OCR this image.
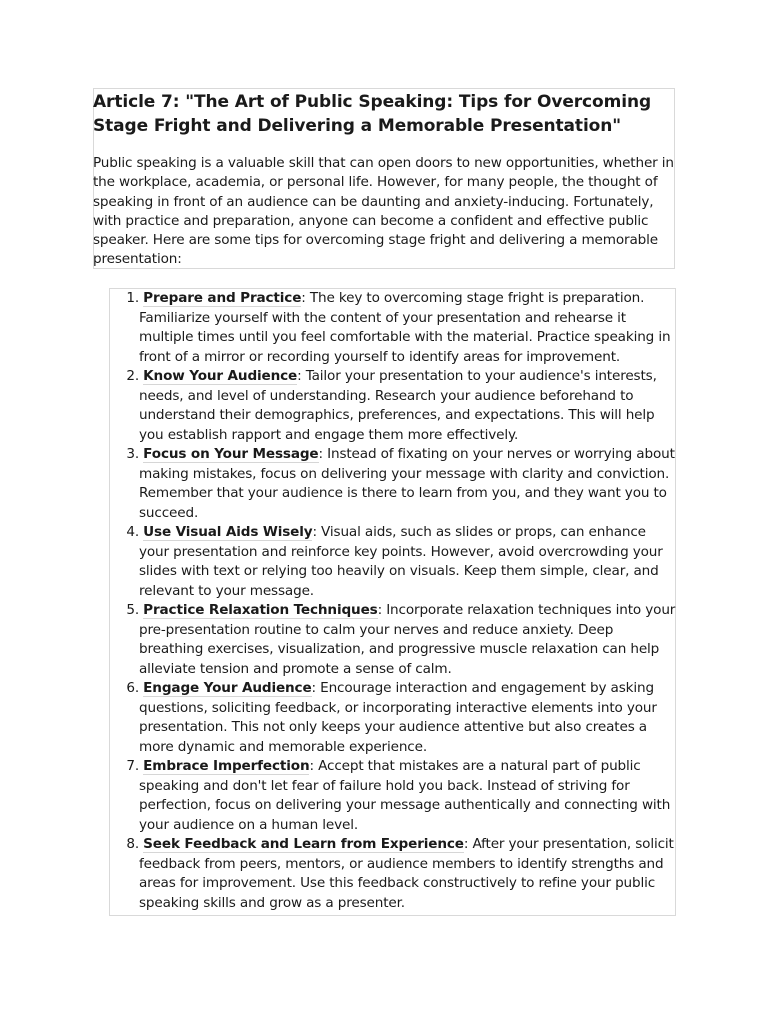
Article 7: "The Art of Public Speaking: Tips for Overcoming Stage Fright and Delivering a Memorable Presentation"

Public speaking is a valuable skill that can open doors to new opportunities, whether in the workplace, academia, or personal life. However, for many people, the thought of speaking in front of an audience can be daunting and anxiety-inducing. Fortunately, with practice and preparation, anyone can become a confident and effective public speaker. Here are some tips for overcoming stage fright and delivering a memorable presentation:

1. Prepare and Practice: The key to overcoming stage fright is preparation. Familiarize yourself with the content of your presentation and rehearse it multiple times until you feel comfortable with the material. Practice speaking in front of a mirror or recording yourself to identify areas for improvement.
2. Know Your Audience: Tailor your presentation to your audience's interests, needs, and level of understanding. Research your audience beforehand to understand their demographics, preferences, and expectations. This will help you establish rapport and engage them more effectively.
3. Focus on Your Message: Instead of fixating on your nerves or worrying about making mistakes, focus on delivering your message with clarity and conviction. Remember that your audience is there to learn from you, and they want you to succeed.
4. Use Visual Aids Wisely: Visual aids, such as slides or props, can enhance your presentation and reinforce key points. However, avoid overcrowding your slides with text or relying too heavily on visuals. Keep them simple, clear, and relevant to your message.
5. Practice Relaxation Techniques: Incorporate relaxation techniques into your pre-presentation routine to calm your nerves and reduce anxiety. Deep breathing exercises, visualization, and progressive muscle relaxation can help alleviate tension and promote a sense of calm.
6. Engage Your Audience: Encourage interaction and engagement by asking questions, soliciting feedback, or incorporating interactive elements into your presentation. This not only keeps your audience attentive but also creates a more dynamic and memorable experience.
7. Embrace Imperfection: Accept that mistakes are a natural part of public speaking and don't let fear of failure hold you back. Instead of striving for perfection, focus on delivering your message authentically and connecting with your audience on a human level.
8. Seek Feedback and Learn from Experience: After your presentation, solicit feedback from peers, mentors, or audience members to identify strengths and areas for improvement. Use this feedback constructively to refine your public speaking skills and grow as a presenter.
